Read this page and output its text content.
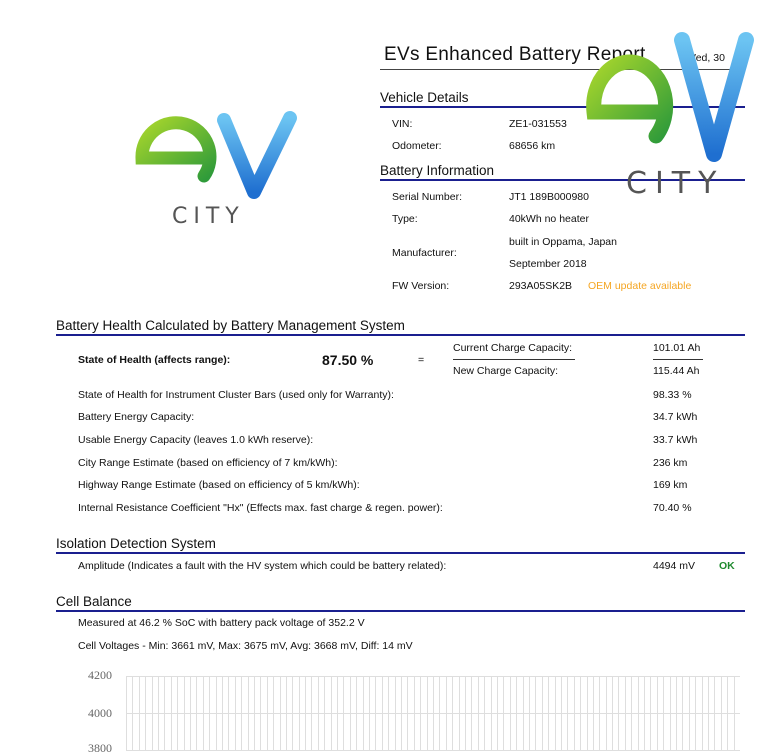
CITY
EVs Enhanced Battery Report	Wed, 30
Vehicle Details
VIN:	ZE1-031553
Odometer:	68656 km
Battery Information
Serial Number:	JT1 189B000980
Type:	40kWh no heater
Manufacturer:
built in Oppama, Japan
September 2018
FW Version:	293A05SK2B OEM update available
CITY
Battery Health Calculated by Battery Management System
State of Health (affects range):	87.50 %	=
Current Charge Capacity:	101.01 Ah
New Charge Capacity:	115.44 Ah
State of Health for Instrument Cluster Bars (used only for Warranty):	98.33 %
Battery Energy Capacity:	34.7 kWh
Usable Energy Capacity (leaves 1.0 kWh reserve):	33.7 kWh
City Range Estimate (based on efficiency of 7 km/kWh):	236 km
Highway Range Estimate (based on efficiency of 5 km/kWh):	169 km
Internal Resistance Coefficient "Hx" (Effects max. fast charge & regen. power):	70.40 %
Isolation Detection System
Amplitude (Indicates a fault with the HV system which could be battery related):	4494 mV OK
Cell Balance
Measured at 46.2 % SoC with battery pack voltage of 352.2 V
Cell Voltages - Min: 3661 mV, Max: 3675 mV, Avg: 3668 mV, Diff: 14 mV
4200
4000
3800
